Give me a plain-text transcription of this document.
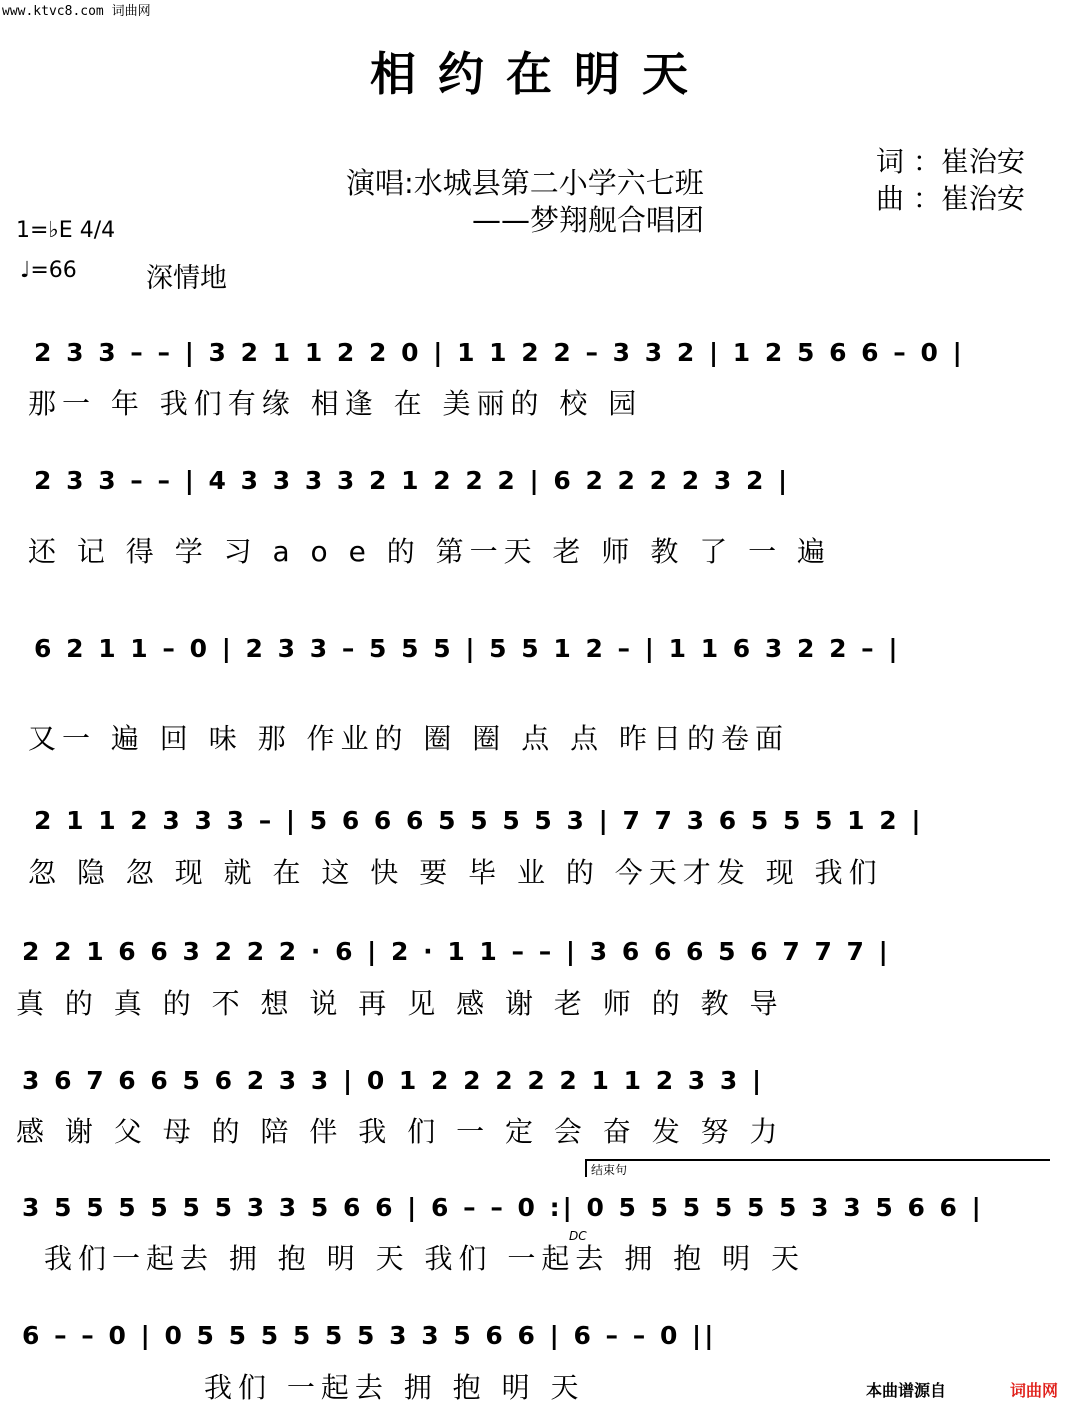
www.ktvc8.com 词曲网
相约在明天
词 ：崔治安
曲 ：崔治安
演唱:水城县第二小学六七班
——梦翔舰合唱团
1=♭E 4/4
♩=66	深情地
2 3 3 – – | 3 2 1 1 2 2 0 | 1 1 2 2 – 3 3 2 | 1 2 5 6 6 – 0 |
那一 年 我们有缘 相逢 在 美丽的 校 园
2 3 3 – – | 4 3 3 3 3 2 1 2 2 2 | 6 2 2 2 2 3 2 |
还 记 得 学 习 a o e 的 第一天 老 师 教 了 一 遍
6 2 1 1 – 0 | 2 3 3 – 5 5 5 | 5 5 1 2 – | 1 1 6 3 2 2 – |
又一 遍 回 味 那 作业的 圈 圈 点 点 昨日的卷面
2 1 1 2 3 3 3 – | 5 6 6 6 5 5 5 5 3 | 7 7 3 6 5 5 5 1 2 |
忽 隐 忽 现 就 在 这 快 要 毕 业 的 今天才发 现 我们
2 2 1 6 6 3 2 2 2 · 6 | 2 · 1 1 – – | 3 6 6 6 5 6 7 7 7 |
真 的 真 的 不 想 说 再 见 感 谢 老 师 的 教 导
3 6 7 6 6 5 6 2 3 3 | 0 1 2 2 2 2 2 1 1 2 3 3 |
感 谢 父 母 的 陪 伴 我 们 一 定 会 奋 发 努 力
结束句
3 5 5 5 5 5 5 3 3 5 6 6 | 6 – – 0 :| 0 5 5 5 5 5 5 3 3 5 6 6 |
DC
我们一起去 拥 抱 明 天 我们 一起去 拥 抱 明 天
6 – – 0 | 0 5 5 5 5 5 5 3 3 5 6 6 | 6 – – 0 ||
我们 一起去 拥 抱 明 天	本曲谱源自	词曲网
